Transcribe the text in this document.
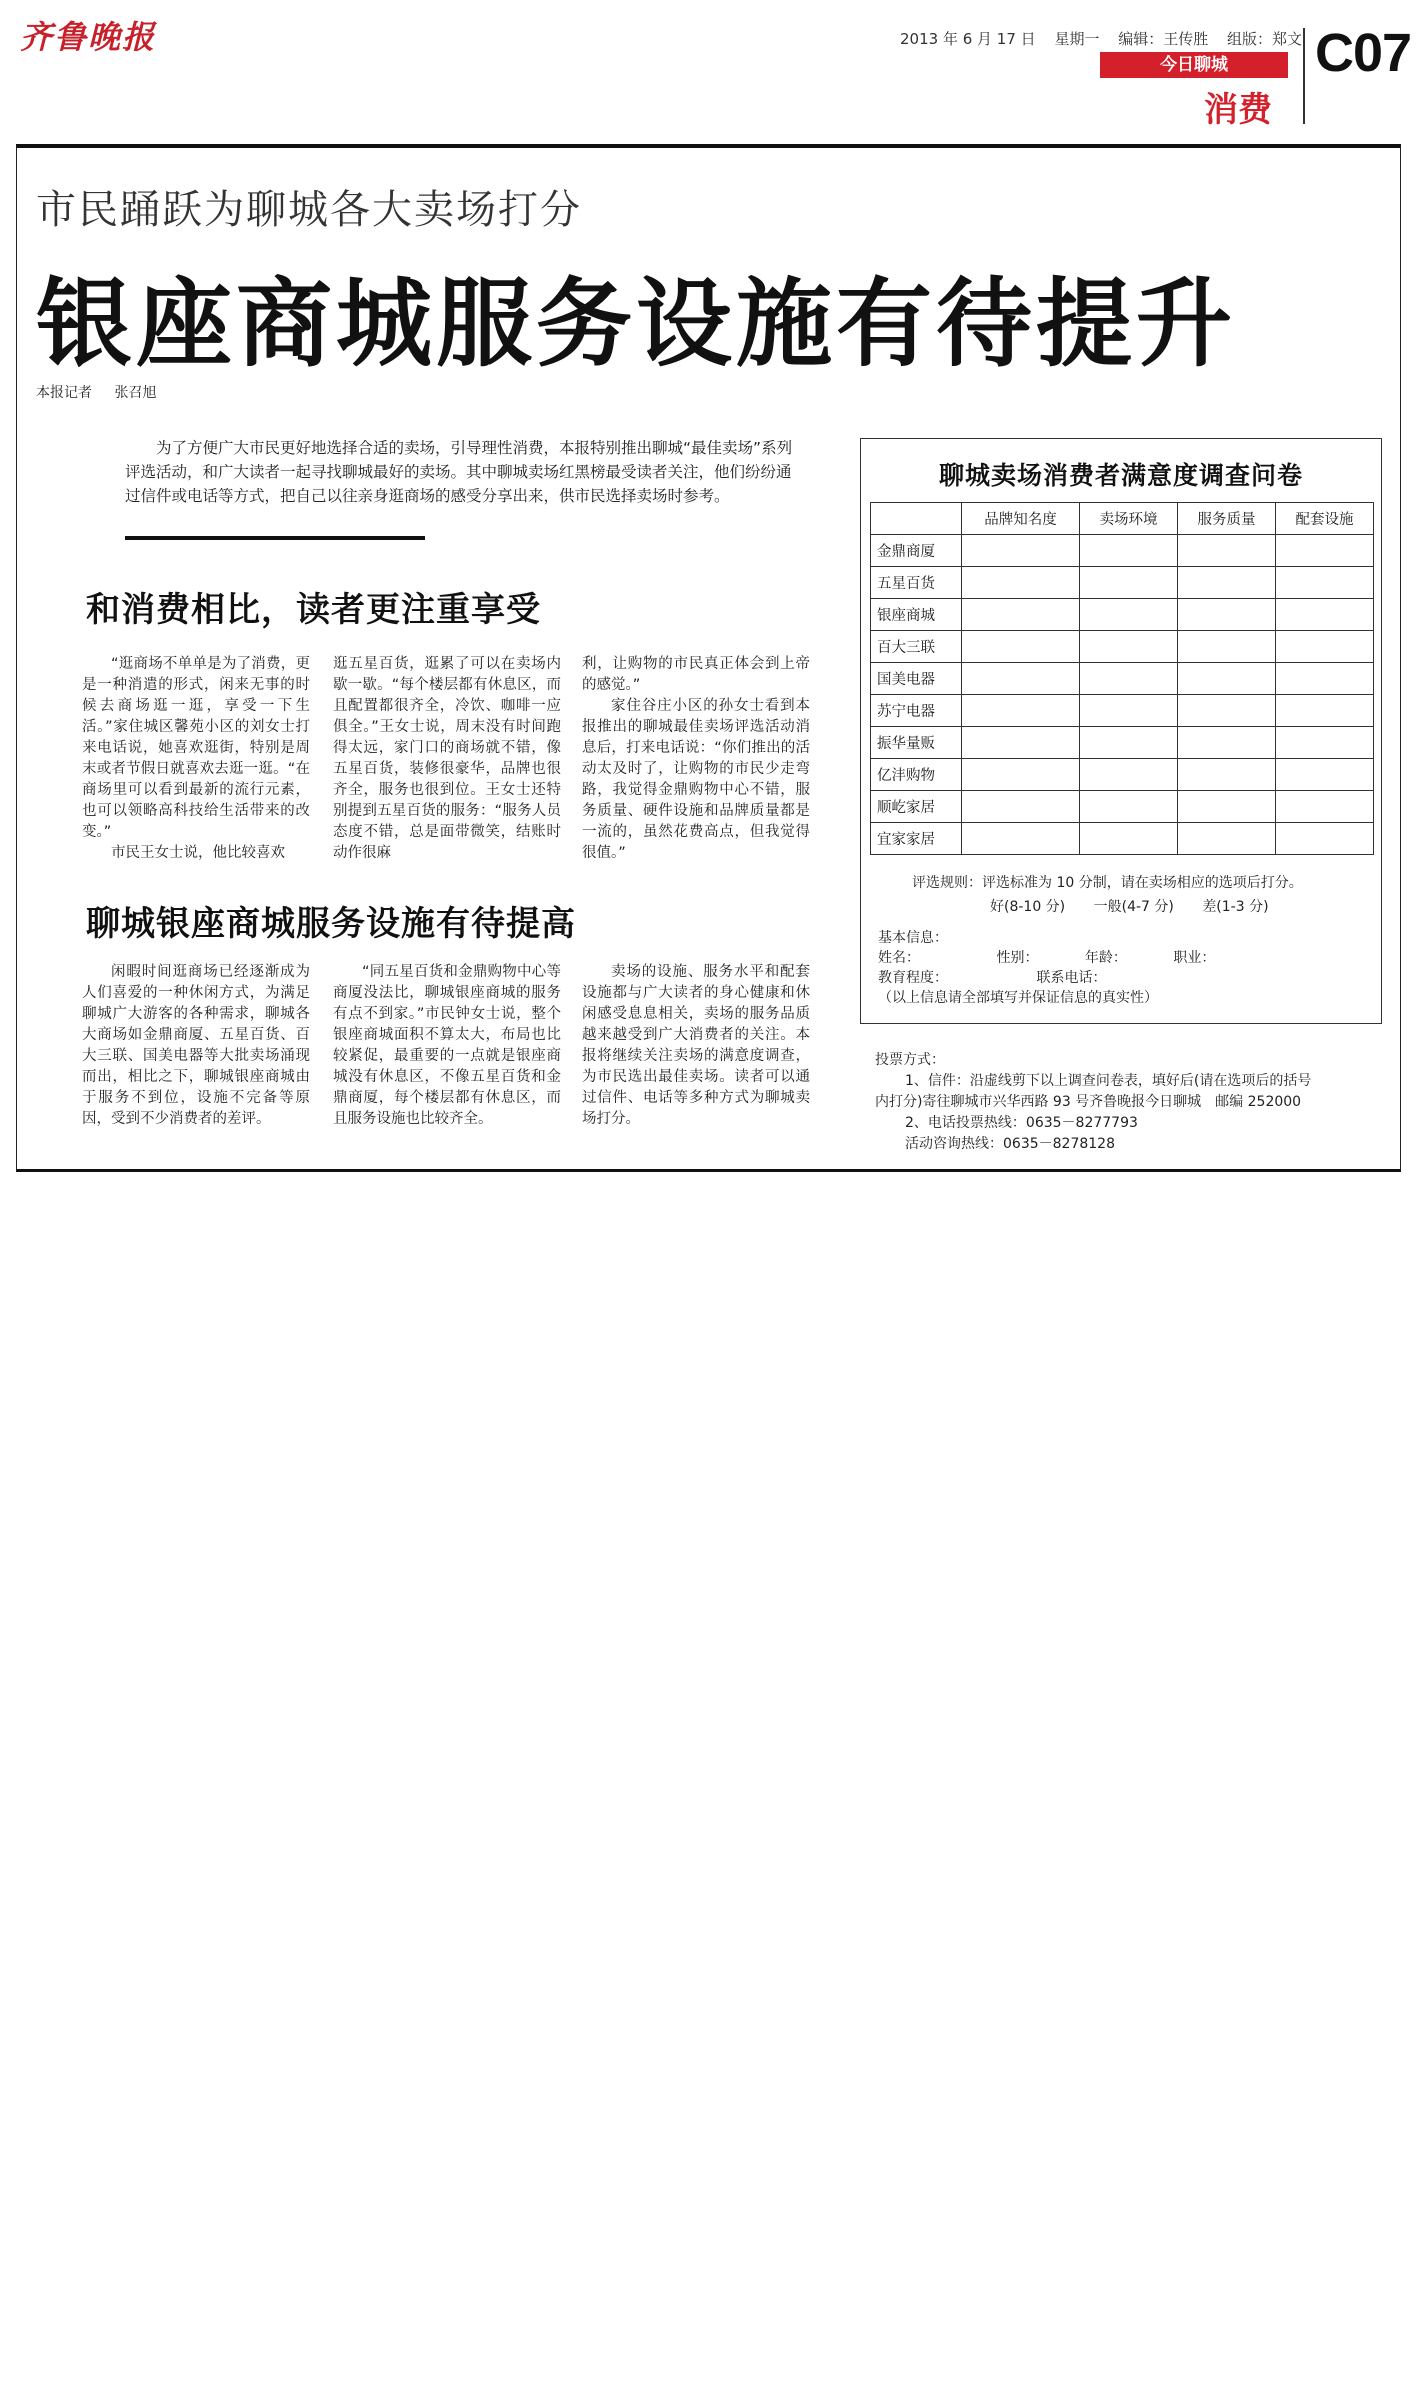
齐鲁晚报	2013 年 6 月 17 日 星期一 编辑：王传胜 组版：郑文
今日聊城
消费
C07
市民踊跃为聊城各大卖场打分
银座商城服务设施有待提升
本报记者 张召旭
为了方便广大市民更好地选择合适的卖场，引导理性消费，本报特别推出聊城“最佳卖场”系列评选活动，和广大读者一起寻找聊城最好的卖场。其中聊城卖场红黑榜最受读者关注，他们纷纷通过信件或电话等方式，把自己以往亲身逛商场的感受分享出来，供市民选择卖场时参考。
和消费相比，读者更注重享受

“逛商场不单单是为了消费，更是一种消遣的形式，闲来无事的时候去商场逛一逛，享受一下生活。”家住城区馨苑小区的刘女士打来电话说，她喜欢逛街，特别是周末或者节假日就喜欢去逛一逛。“在商场里可以看到最新的流行元素，也可以领略高科技给生活带来的改变。”

市民王女士说，他比较喜欢

逛五星百货，逛累了可以在卖场内歇一歇。“每个楼层都有休息区，而且配置都很齐全，冷饮、咖啡一应俱全。”王女士说，周末没有时间跑得太远，家门口的商场就不错，像五星百货，装修很豪华，品牌也很齐全，服务也很到位。王女士还特别提到五星百货的服务：“服务人员态度不错，总是面带微笑，结账时动作很麻

利，让购物的市民真正体会到上帝的感觉。”

家住谷庄小区的孙女士看到本报推出的聊城最佳卖场评选活动消息后，打来电话说：“你们推出的活动太及时了，让购物的市民少走弯路，我觉得金鼎购物中心不错，服务质量、硬件设施和品牌质量都是一流的，虽然花费高点，但我觉得很值。”

聊城银座商城服务设施有待提高

闲暇时间逛商场已经逐渐成为人们喜爱的一种休闲方式，为满足聊城广大游客的各种需求，聊城各大商场如金鼎商厦、五星百货、百大三联、国美电器等大批卖场涌现而出，相比之下，聊城银座商城由于服务不到位，设施不完备等原因，受到不少消费者的差评。

“同五星百货和金鼎购物中心等商厦没法比，聊城银座商城的服务有点不到家。”市民钟女士说，整个银座商城面积不算太大，布局也比较紧促，最重要的一点就是银座商城没有休息区，不像五星百货和金鼎商厦，每个楼层都有休息区，而且服务设施也比较齐全。

卖场的设施、服务水平和配套设施都与广大读者的身心健康和休闲感受息息相关，卖场的服务品质越来越受到广大消费者的关注。本报将继续关注卖场的满意度调查，为市民选出最佳卖场。读者可以通过信件、电话等多种方式为聊城卖场打分。

聊城卖场消费者满意度调查问卷
	品牌知名度	卖场环境	服务质量	配套设施
金鼎商厦				
五星百货				
银座商城				
百大三联				
国美电器				
苏宁电器				
振华量贩				
亿沣购物				
顺屹家居				
宜家家居				
评选规则：评选标准为 10 分制，请在卖场相应的选项后打分。
好(8-10 分) 一般(4-7 分) 差(1-3 分)
基本信息：
姓名：	性别：	年龄：	职业：
教育程度：	联系电话：
（以上信息请全部填写并保证信息的真实性）
投票方式：
1、信件：沿虚线剪下以上调查问卷表，填好后(请在选项后的括号
内打分)寄往聊城市兴华西路 93 号齐鲁晚报今日聊城　邮编 252000
2、电话投票热线：0635－8277793
活动咨询热线：0635－8278128
